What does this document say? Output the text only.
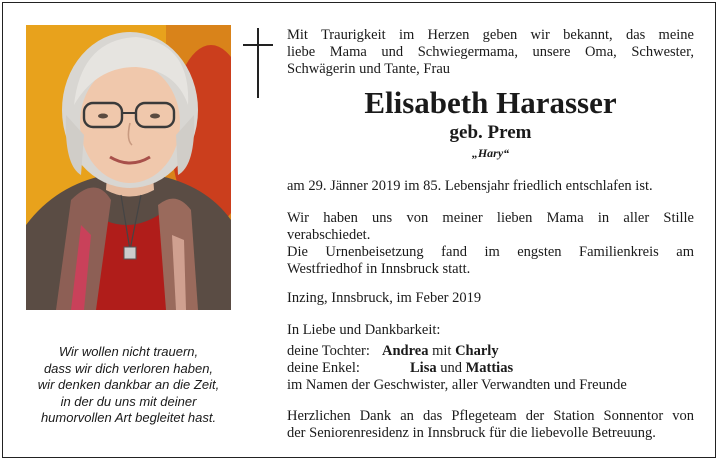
Wir wollen nicht trauern,
dass wir dich verloren haben,
wir denken dankbar an die Zeit,
in der du uns mit deiner
humorvollen Art begleitet hast.
Mit Traurigkeit im Herzen geben wir bekannt, das meine
liebe Mama und Schwiegermama, unsere Oma, Schwester,
Schwägerin und Tante, Frau
Elisabeth Harasser
geb. Prem
„Hary“
am 29. Jänner 2019 im 85. Lebensjahr friedlich entschlafen ist.
Wir haben uns von meiner lieben Mama in aller Stille
verabschiedet.
Die Urnenbeisetzung fand im engsten Familienkreis am
Westfriedhof in Innsbruck statt.
Inzing, Innsbruck, im Feber 2019
In Liebe und Dankbarkeit:
deine Tochter: Andrea mit Charly
deine Enkel:	Lisa und Mattias
im Namen der Geschwister, aller Verwandten und Freunde
Herzlichen Dank an das Pflegeteam der Station Sonnentor von
der Seniorenresidenz in Innsbruck für die liebevolle Betreuung.
